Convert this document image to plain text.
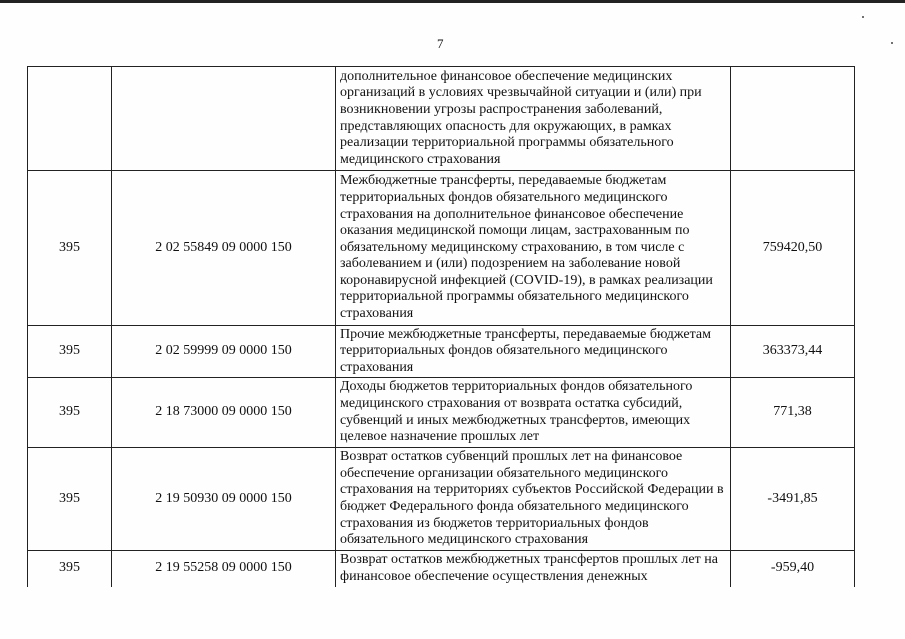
7
		дополнительное финансовое обеспечение медицинских организаций в условиях чрезвычайной ситуации и (или) при возникновении угрозы распространения заболеваний, представляющих опасность для окружающих, в рамках реализации территориальной программы обязательного медицинского страхования	
395	2 02 55849 09 0000 150	Межбюджетные трансферты, передаваемые бюджетам территориальных фондов обязательного медицинского страхования на дополнительное финансовое обеспечение оказания медицинской помощи лицам, застрахованным по обязательному медицинскому страхованию, в том числе с заболеванием и (или) подозрением на заболевание новой коронавирусной инфекцией (COVID-19), в рамках реализации территориальной программы обязательного медицинского страхования	759420,50
395	2 02 59999 09 0000 150	Прочие межбюджетные трансферты, передаваемые бюджетам территориальных фондов обязательного медицинского страхования	363373,44
395	2 18 73000 09 0000 150	Доходы бюджетов территориальных фондов обязательного медицинского страхования от возврата остатка субсидий, субвенций и иных межбюджетных трансфертов, имеющих целевое назначение прошлых лет	771,38
395	2 19 50930 09 0000 150	Возврат остатков субвенций прошлых лет на финансовое обеспечение организации обязательного медицинского страхования на территориях субъектов Российской Федерации в бюджет Федерального фонда обязательного медицинского страхования из бюджетов территориальных фондов обязательного медицинского страхования	-3491,85
395	2 19 55258 09 0000 150	Возврат остатков межбюджетных трансфертов прошлых лет на финансовое обеспечение осуществления денежных	-959,40
